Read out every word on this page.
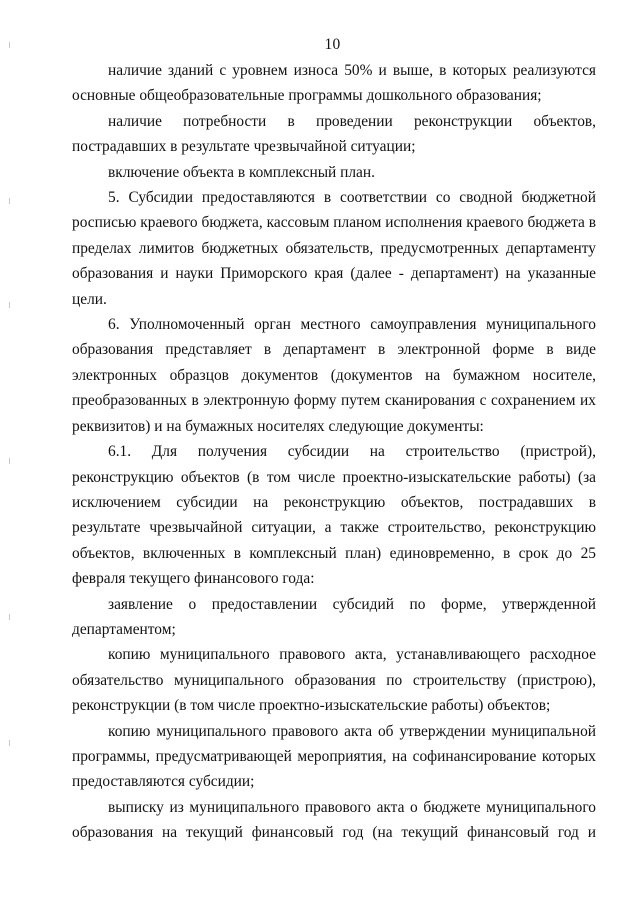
10

наличие зданий с уровнем износа 50% и выше, в которых реализуются основные общеобразовательные программы дошкольного образования;

наличие потребности в проведении реконструкции объектов, пострадавших в результате чрезвычайной ситуации;

включение объекта в комплексный план.

5. Субсидии предоставляются в соответствии со сводной бюджетной росписью краевого бюджета, кассовым планом исполнения краевого бюджета в пределах лимитов бюджетных обязательств, предусмотренных департаменту образования и науки Приморского края (далее - департамент) на указанные цели.

6. Уполномоченный орган местного самоуправления муниципального образования представляет в департамент в электронной форме в виде электронных образцов документов (документов на бумажном носителе, преобразованных в электронную форму путем сканирования с сохранением их реквизитов) и на бумажных носителях следующие документы:

6.1. Для получения субсидии на строительство (пристрой), реконструкцию объектов (в том числе проектно-изыскательские работы) (за исключением субсидии на реконструкцию объектов, пострадавших в результате чрезвычайной ситуации, а также строительство, реконструкцию объектов, включенных в комплексный план) единовременно, в срок до 25 февраля текущего финансового года:

заявление о предоставлении субсидий по форме, утвержденной департаментом;

копию муниципального правового акта, устанавливающего расходное обязательство муниципального образования по строительству (пристрою), реконструкции (в том числе проектно-изыскательские работы) объектов;

копию муниципального правового акта об утверждении муниципальной программы, предусматривающей мероприятия, на софинансирование которых предоставляются субсидии;

выписку из муниципального правового акта о бюджете муниципального образования на текущий финансовый год (на текущий финансовый год и
